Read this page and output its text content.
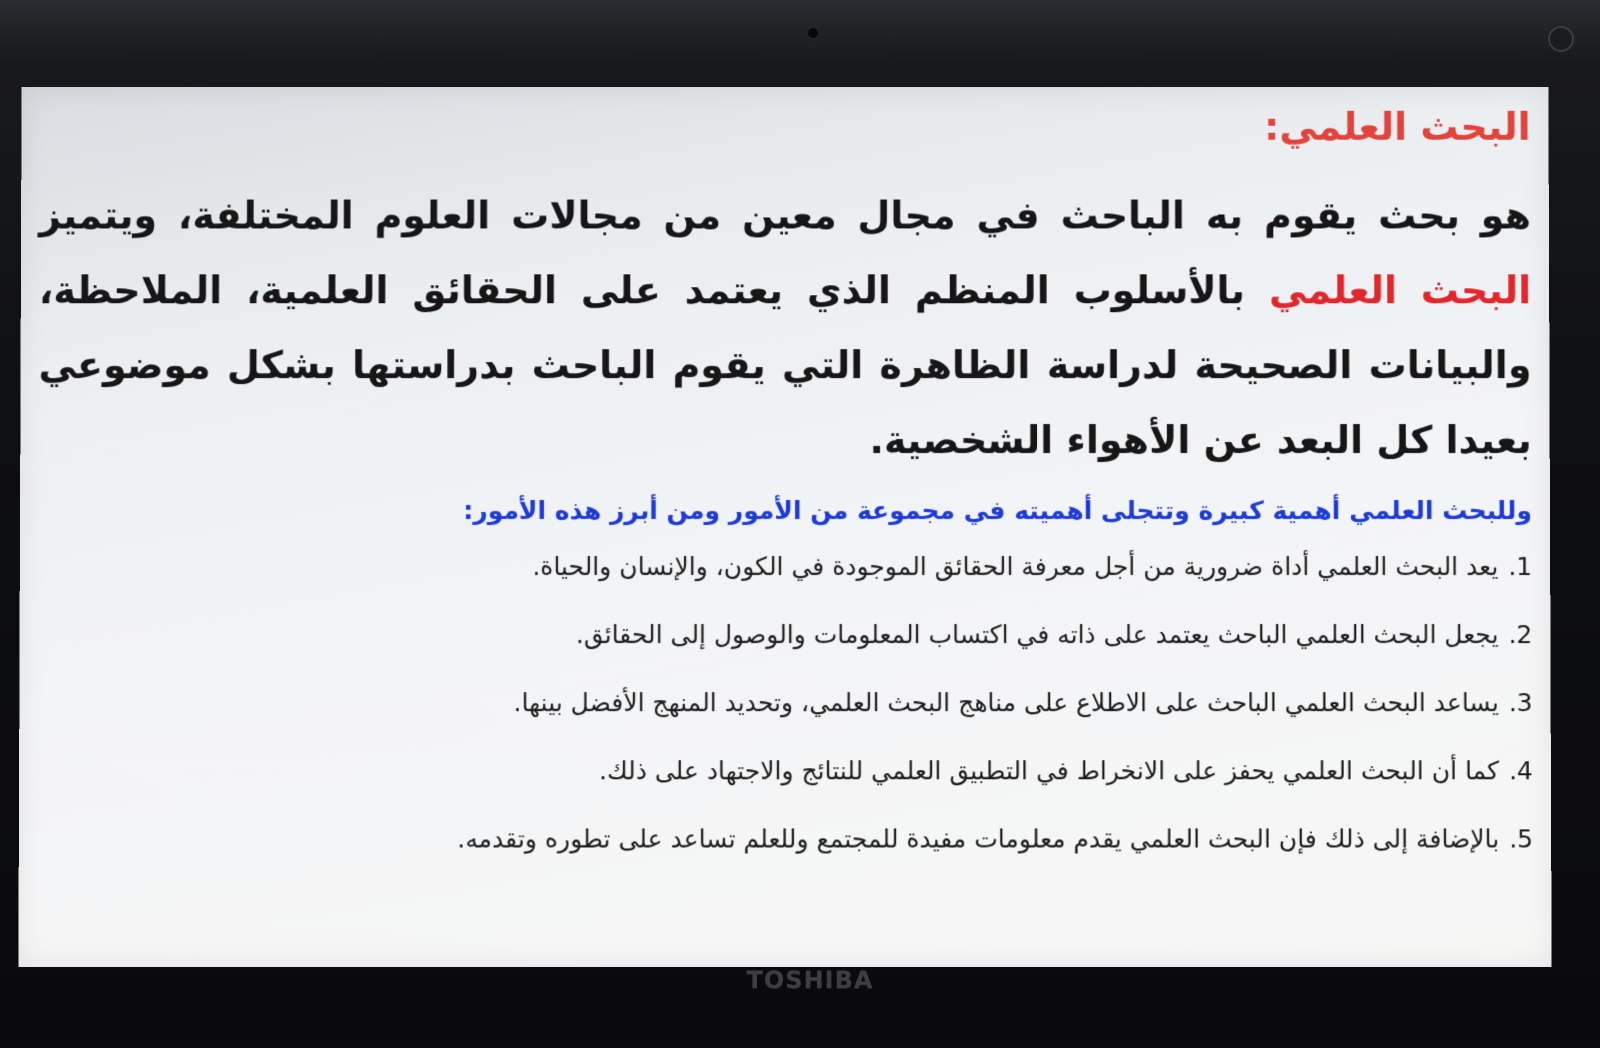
البحث العلمي:

هو بحث يقوم به الباحث في مجال معين من مجالات العلوم المختلفة، ويتميز البحث العلمي بالأسلوب المنظم الذي يعتمد على الحقائق العلمية، الملاحظة، والبيانات الصحيحة لدراسة الظاهرة التي يقوم الباحث بدراستها بشكل موضوعي بعيدا كل البعد عن الأهواء الشخصية.

وللبحث العلمي أهمية كبيرة وتتجلى أهميته في مجموعة من الأمور ومن أبرز هذه الأمور:

1.يعد البحث العلمي أداة ضرورية من أجل معرفة الحقائق الموجودة في الكون، والإنسان والحياة.
2.يجعل البحث العلمي الباحث يعتمد على ذاته في اكتساب المعلومات والوصول إلى الحقائق.
3.يساعد البحث العلمي الباحث على الاطلاع على مناهج البحث العلمي، وتحديد المنهج الأفضل بينها.
4.كما أن البحث العلمي يحفز على الانخراط في التطبيق العلمي للنتائج والاجتهاد على ذلك.
5.بالإضافة إلى ذلك فإن البحث العلمي يقدم معلومات مفيدة للمجتمع وللعلم تساعد على تطوره وتقدمه.
TOSHIBA
